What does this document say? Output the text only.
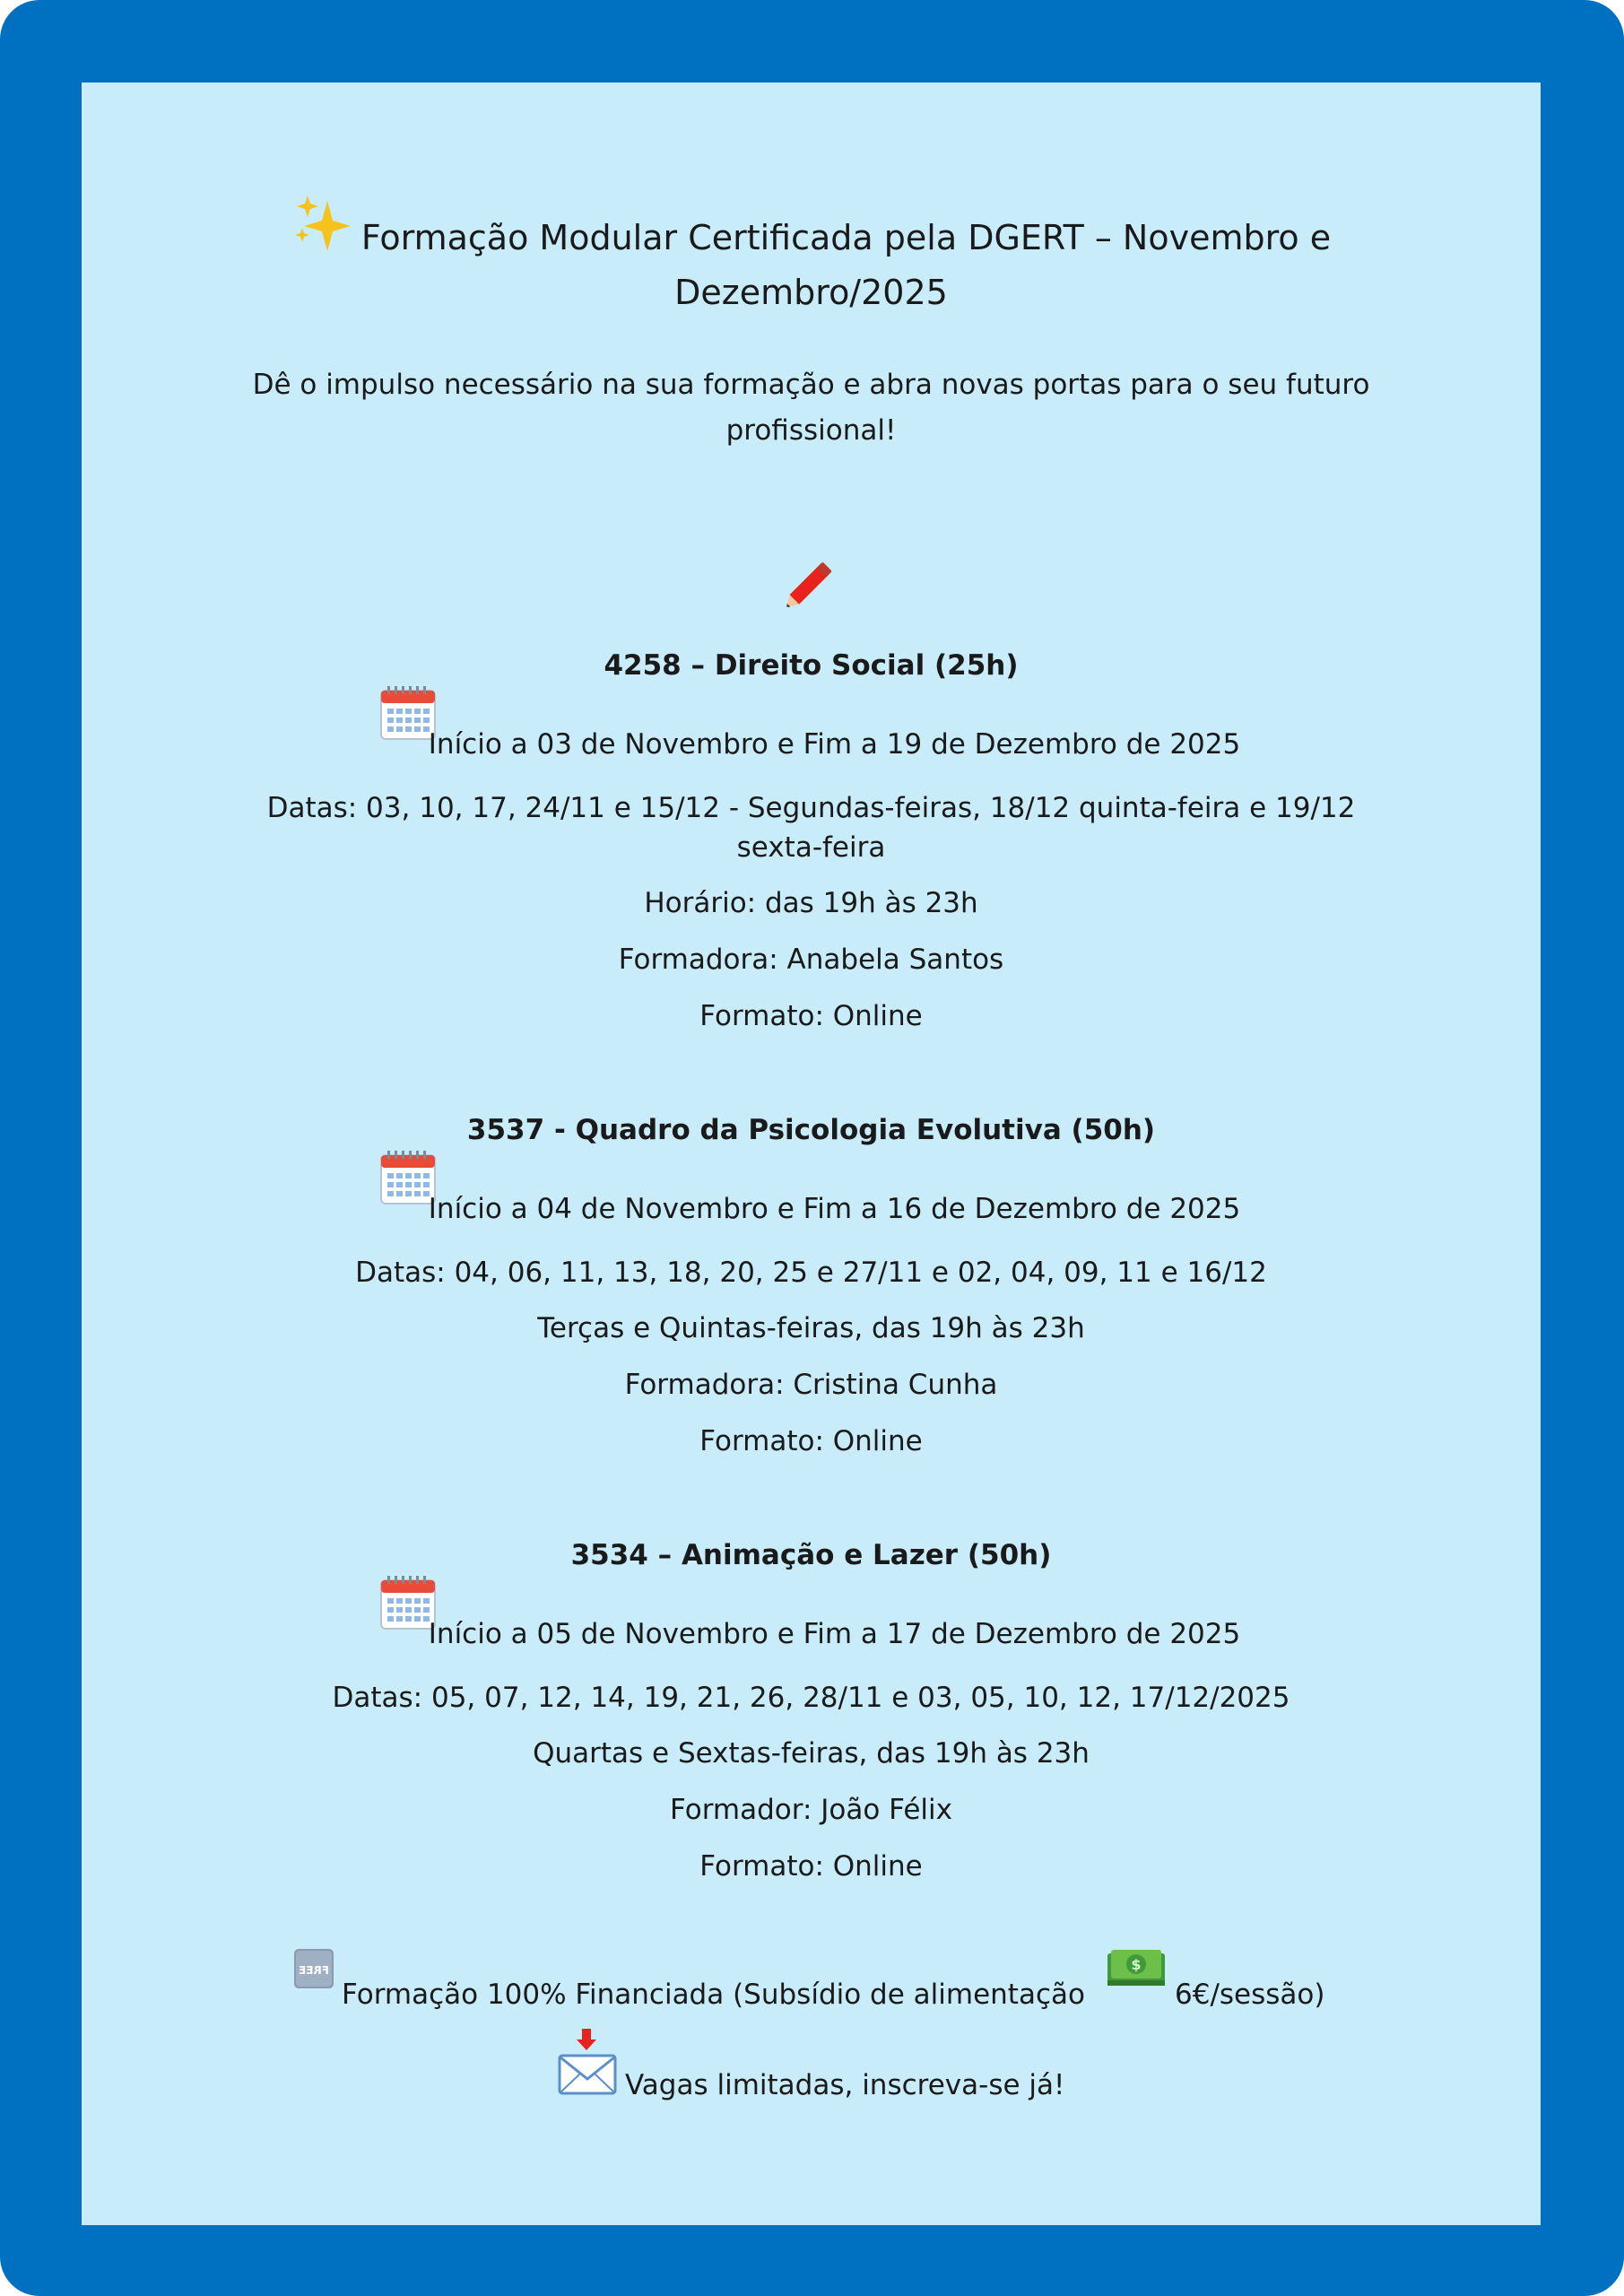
Formação Modular Certificada pela DGERT – Novembro e Dezembro/2025
Dê o impulso necessário na sua formação e abra novas portas para o seu futuro profissional!
4258 – Direito Social (25h)
Início a 03 de Novembro e Fim a 19 de Dezembro de 2025
Datas: 03, 10, 17, 24/11 e 15/12 - Segundas-feiras, 18/12 quinta-feira e 19/12 sexta-feira
Horário: das 19h às 23h
Formadora: Anabela Santos
Formato: Online
3537 - Quadro da Psicologia Evolutiva (50h)
Início a 04 de Novembro e Fim a 16 de Dezembro de 2025
Datas: 04, 06, 11, 13, 18, 20, 25 e 27/11 e 02, 04, 09, 11 e 16/12
Terças e Quintas-feiras, das 19h às 23h
Formadora: Cristina Cunha
Formato: Online
3534 – Animação e Lazer (50h)
Início a 05 de Novembro e Fim a 17 de Dezembro de 2025
Datas: 05, 07, 12, 14, 19, 21, 26, 28/11 e 03, 05, 10, 12, 17/12/2025
Quartas e Sextas-feiras, das 19h às 23h
Formador: João Félix
Formato: Online
FREE
Formação 100% Financiada (Subsídio de alimentação
$
6€/sessão)
Vagas limitadas, inscreva-se já!
